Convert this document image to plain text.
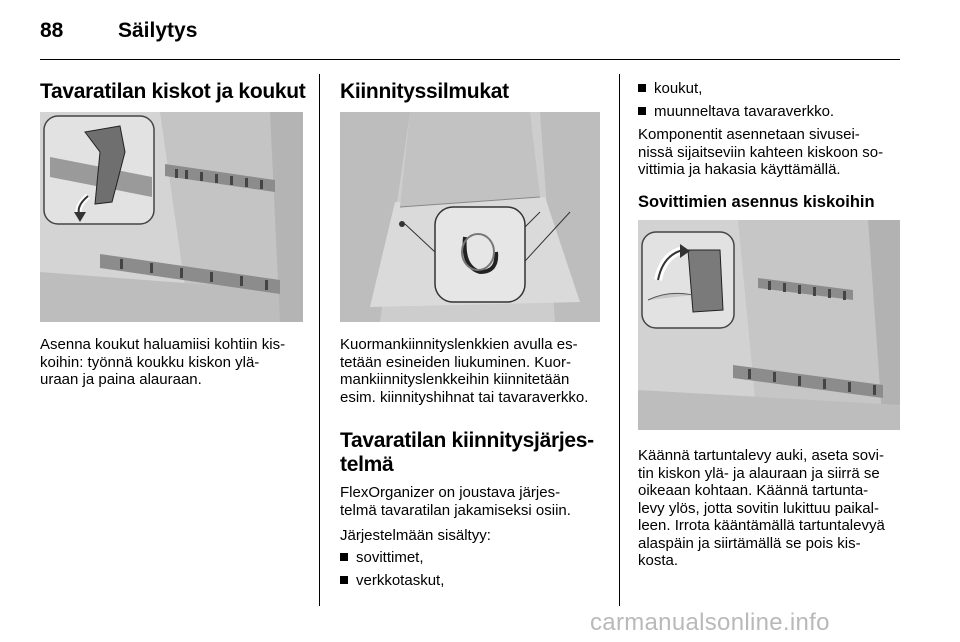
88	Säilytys
Tavaratilan kiskot ja koukut
Asenna koukut haluamiisi kohtiin kis-
koihin: työnnä koukku kiskon ylä-
uraan ja paina alauraan.
Kiinnityssilmukat
Kuormankiinnityslenkkien avulla es-
tetään esineiden liukuminen. Kuor-
mankiinnityslenkkeihin kiinnitetään
esim. kiinnityshihnat tai tavaraverkko.
Tavaratilan kiinnitysjärjes-
telmä
FlexOrganizer on joustava järjes-
telmä tavaratilan jakamiseksi osiin.
Järjestelmään sisältyy:
sovittimet,
verkkotaskut,
koukut,
muunneltava tavaraverkko.
Komponentit asennetaan sivusei-
nissä sijaitseviin kahteen kiskoon so-
vittimia ja hakasia käyttämällä.
Sovittimien asennus kiskoihin
Käännä tartuntalevy auki, aseta sovi-
tin kiskon ylä- ja alauraan ja siirrä se
oikeaan kohtaan. Käännä tartunta-
levy ylös, jotta sovitin lukittuu paikal-
leen. Irrota kääntämällä tartuntalevyä
alaspäin ja siirtämällä se pois kis-
kosta.
carmanualsonline.info
